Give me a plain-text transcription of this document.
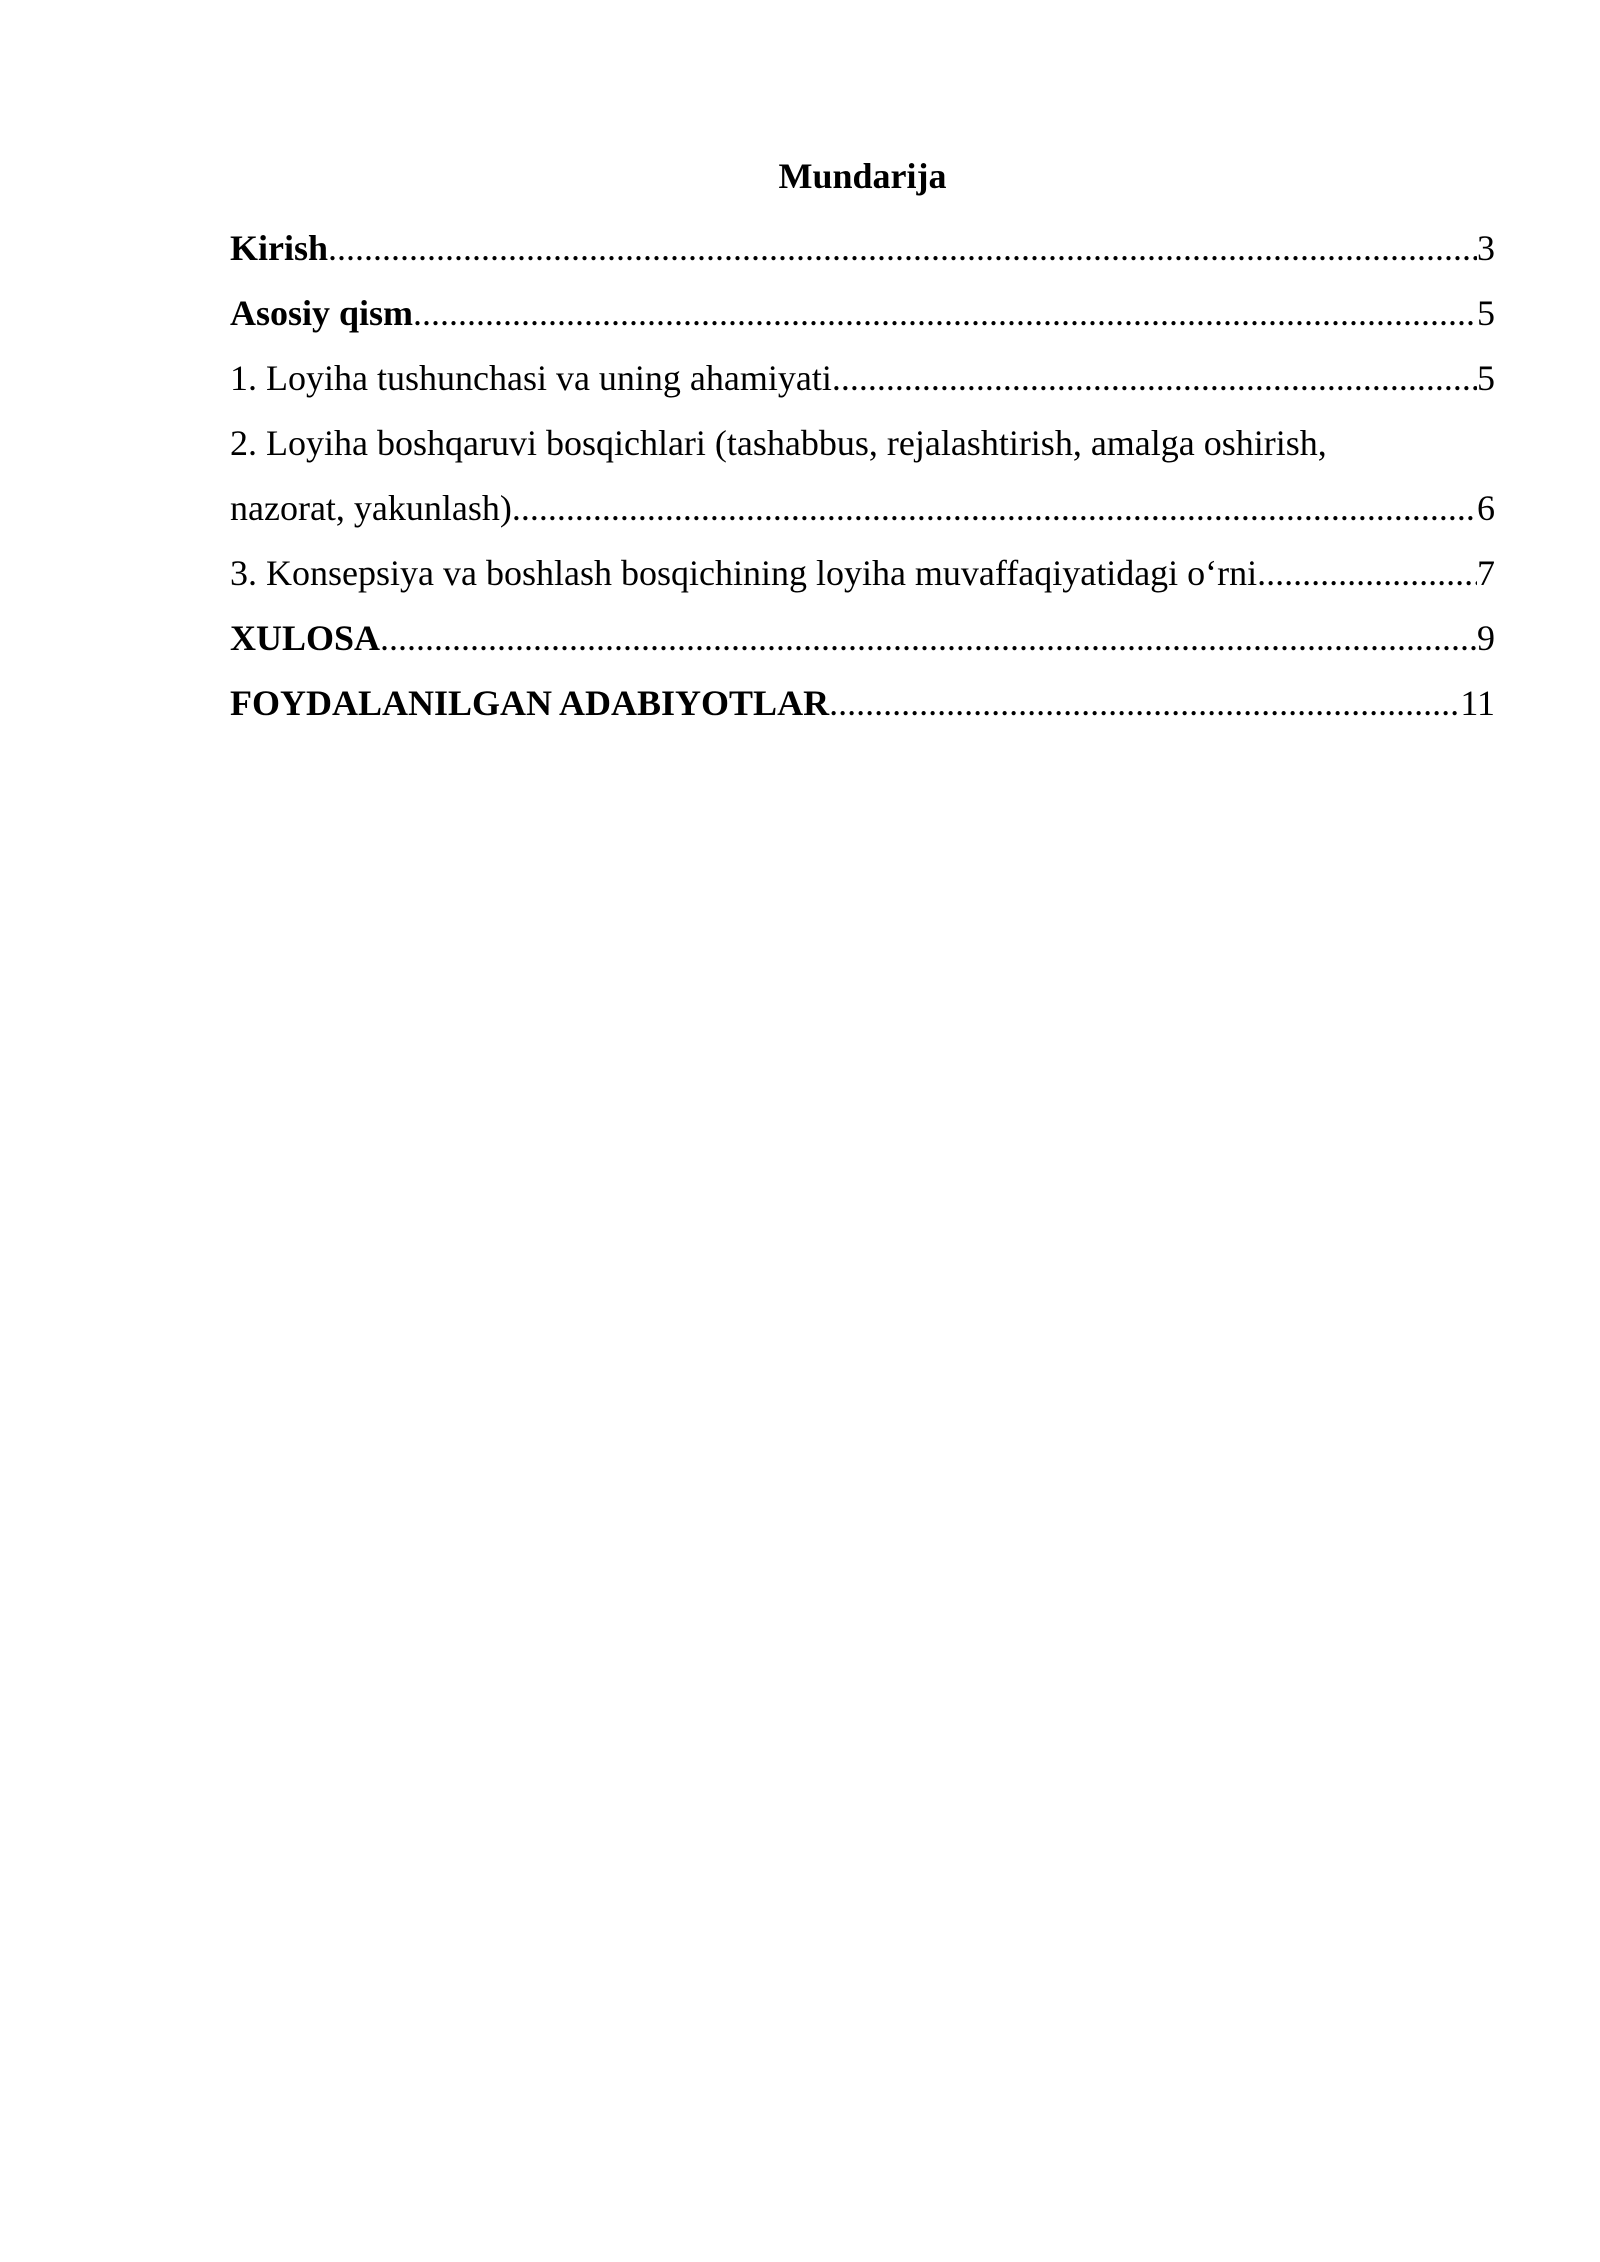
Mundarija
Kirish .....	3
Asosiy qism .....	5
1. Loyiha tushunchasi va uning ahamiyati .....	5
2. Loyiha boshqaruvi bosqichlari (tashabbus, rejalashtirish, amalga oshirish,
nazorat, yakunlash) .....	6
3. Konsepsiya va boshlash bosqichining loyiha muvaffaqiyatidagi o‘rni .....	7
XULOSA .....	9
FOYDALANILGAN ADABIYOTLAR .....	11
